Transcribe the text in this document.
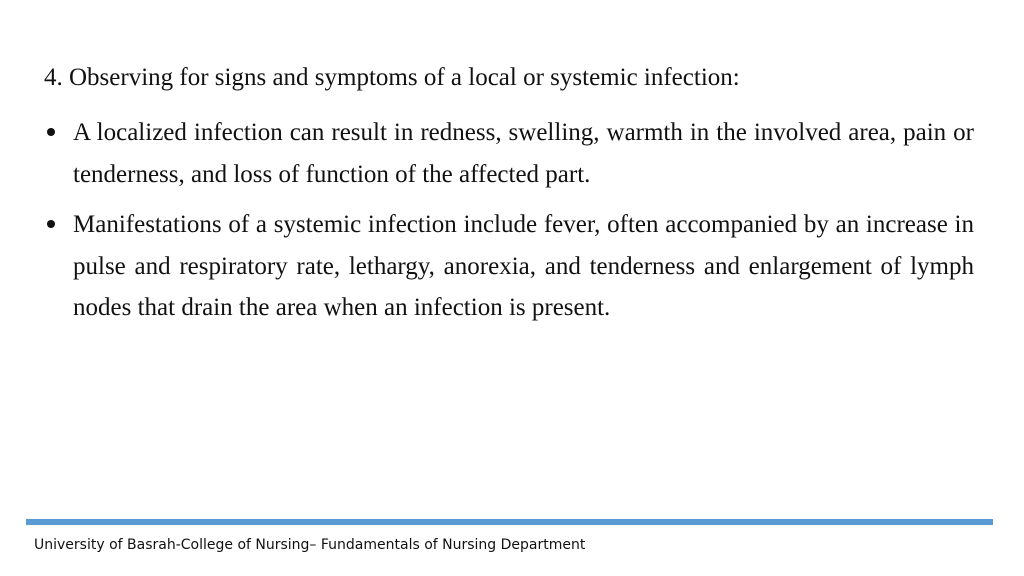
4. Observing for signs and symptoms of a local or systemic infection:
A localized infection can result in redness, swelling, warmth in the involved area, pain or tenderness, and loss of function of the affected part.
Manifestations of a systemic infection include fever, often accompanied by an increase in pulse and respiratory rate, lethargy, anorexia, and tenderness and enlargement of lymph nodes that drain the area when an infection is present.
University of Basrah-College of Nursing– Fundamentals of Nursing Department
